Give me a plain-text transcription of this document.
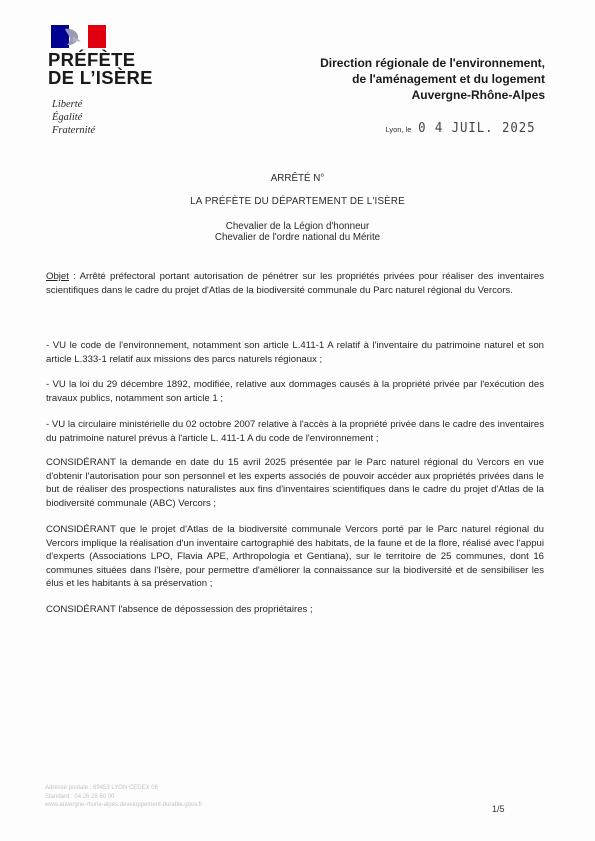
PRÉFÈTE
DE L’ISÈRE
Liberté
Égalité
Fraternité
Direction régionale de l'environnement,
de l'aménagement et du logement
Auvergne-Rhône-Alpes
Lyon, le 0 4 JUIL. 2025
ARRÊTÉ N°
LA PRÉFÈTE DU DÉPARTEMENT DE L'ISÈRE
Chevalier de la Légion d'honneur
Chevalier de l'ordre national du Mérite
Objet : Arrêté préfectoral portant autorisation de pénétrer sur les propriétés privées pour réaliser des inventaires scientifiques dans le cadre du projet d'Atlas de la biodiversité communale du Parc naturel régional du Vercors.
- VU le code de l'environnement, notamment son article L.411-1 A relatif à l'inventaire du patrimoine naturel et son article L.333-1 relatif aux missions des parcs naturels régionaux ;
- VU la loi du 29 décembre 1892, modifiée, relative aux dommages causés à la propriété privée par l'exécution des travaux publics, notamment son article 1 ;
- VU la circulaire ministérielle du 02 octobre 2007 relative à l'accès à la propriété privée dans le cadre des inventaires du patrimoine naturel prévus à l'article L. 411-1 A du code de l'environnement ;
CONSIDÉRANT la demande en date du 15 avril 2025 présentée par le Parc naturel régional du Vercors en vue d'obtenir l'autorisation pour son personnel et les experts associés de pouvoir accéder aux propriétés privées dans le but de réaliser des prospections naturalistes aux fins d'inventaires scientifiques dans le cadre du projet d'Atlas de la biodiversité communale (ABC) Vercors ;
CONSIDÉRANT que le projet d'Atlas de la biodiversité communale Vercors porté par le Parc naturel régional du Vercors implique la réalisation d'un inventaire cartographié des habitats, de la faune et de la flore, réalisé avec l'appui d'experts (Associations LPO, Flavia APE, Arthropologia et Gentiana), sur le territoire de 25 communes, dont 16 communes situées dans l'Isère, pour permettre d'améliorer la connaissance sur la biodiversité et de sensibiliser les élus et les habitants à sa préservation ;
CONSIDÉRANT l'absence de dépossession des propriétaires ;
Adresse postale : 69453 LYON CEDEX 06
Standard : 04 26 28 60 00
www.auvergne-rhone-alpes.developpement-durable.gouv.fr	1/5
